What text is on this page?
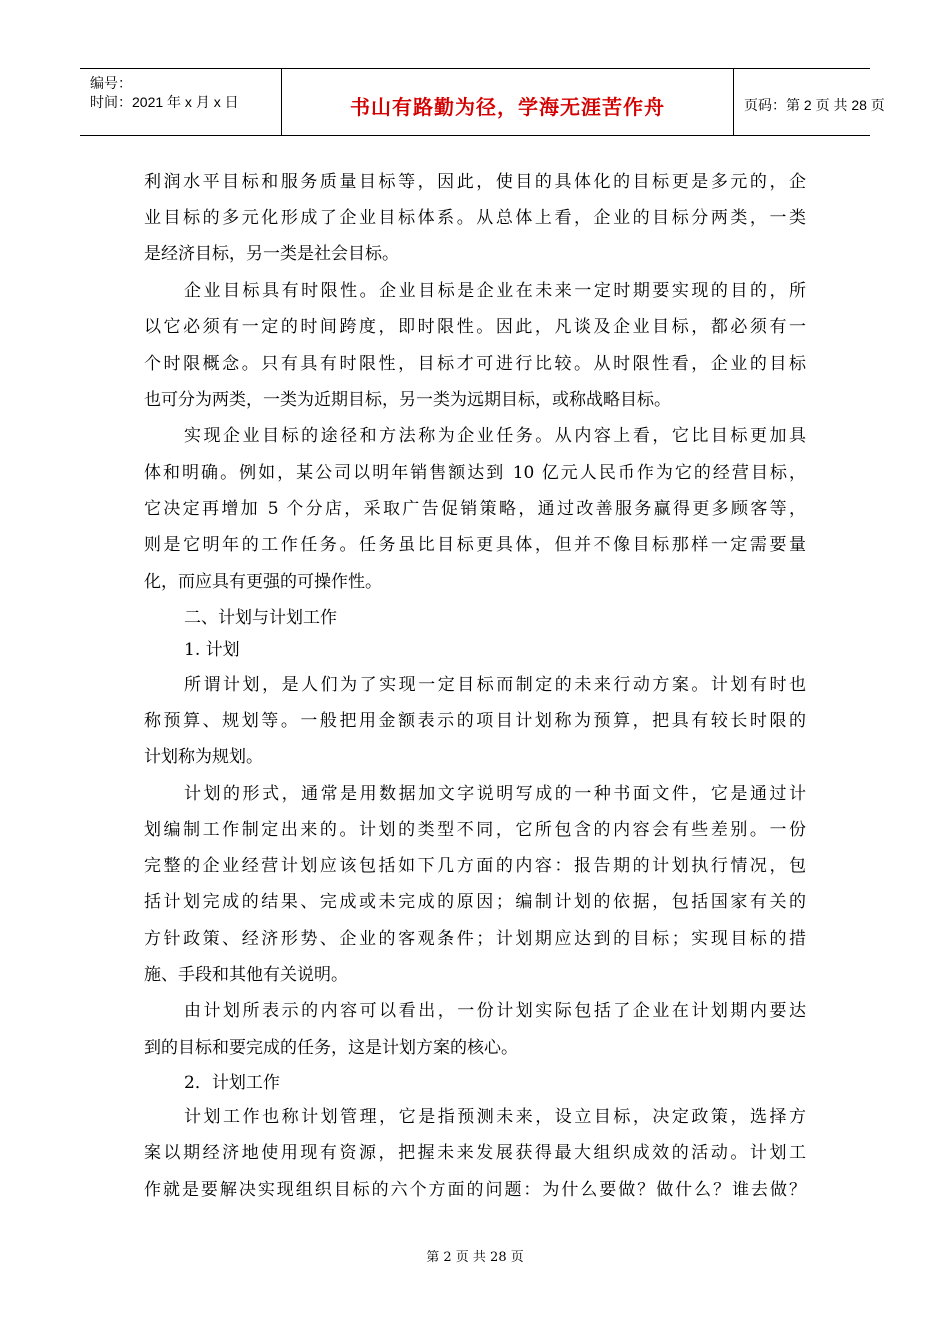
编号：
时间：2021 年 x 月 x 日	书山有路勤为径，学海无涯苦作舟	页码：第 2 页 共 28 页
利润水平目标和服务质量目标等，因此，使目的具体化的目标更是多元的，企
业目标的多元化形成了企业目标体系。从总体上看，企业的目标分两类，一类
是经济目标，另一类是社会目标。
企业目标具有时限性。企业目标是企业在未来一定时期要实现的目的，所
以它必须有一定的时间跨度，即时限性。因此，凡谈及企业目标，都必须有一
个时限概念。只有具有时限性，目标才可进行比较。从时限性看，企业的目标
也可分为两类，一类为近期目标，另一类为远期目标，或称战略目标。
实现企业目标的途径和方法称为企业任务。从内容上看，它比目标更加具
体和明确。例如，某公司以明年销售额达到 10 亿元人民币作为它的经营目标，
它决定再增加 5 个分店，采取广告促销策略，通过改善服务赢得更多顾客等，
则是它明年的工作任务。任务虽比目标更具体，但并不像目标那样一定需要量
化，而应具有更强的可操作性。
二、计划与计划工作
1. 计划
所谓计划，是人们为了实现一定目标而制定的未来行动方案。计划有时也
称预算、规划等。一般把用金额表示的项目计划称为预算，把具有较长时限的
计划称为规划。
计划的形式，通常是用数据加文字说明写成的一种书面文件，它是通过计
划编制工作制定出来的。计划的类型不同，它所包含的内容会有些差别。一份
完整的企业经营计划应该包括如下几方面的内容：报告期的计划执行情况，包
括计划完成的结果、完成或未完成的原因；编制计划的依据，包括国家有关的
方针政策、经济形势、企业的客观条件；计划期应达到的目标；实现目标的措
施、手段和其他有关说明。
由计划所表示的内容可以看出，一份计划实际包括了企业在计划期内要达
到的目标和要完成的任务，这是计划方案的核心。
2．计划工作
计划工作也称计划管理，它是指预测未来，设立目标，决定政策，选择方
案以期经济地使用现有资源，把握未来发展获得最大组织成效的活动。计划工
作就是要解决实现组织目标的六个方面的问题：为什么要做？做什么？谁去做？
第 2 页 共 28 页
